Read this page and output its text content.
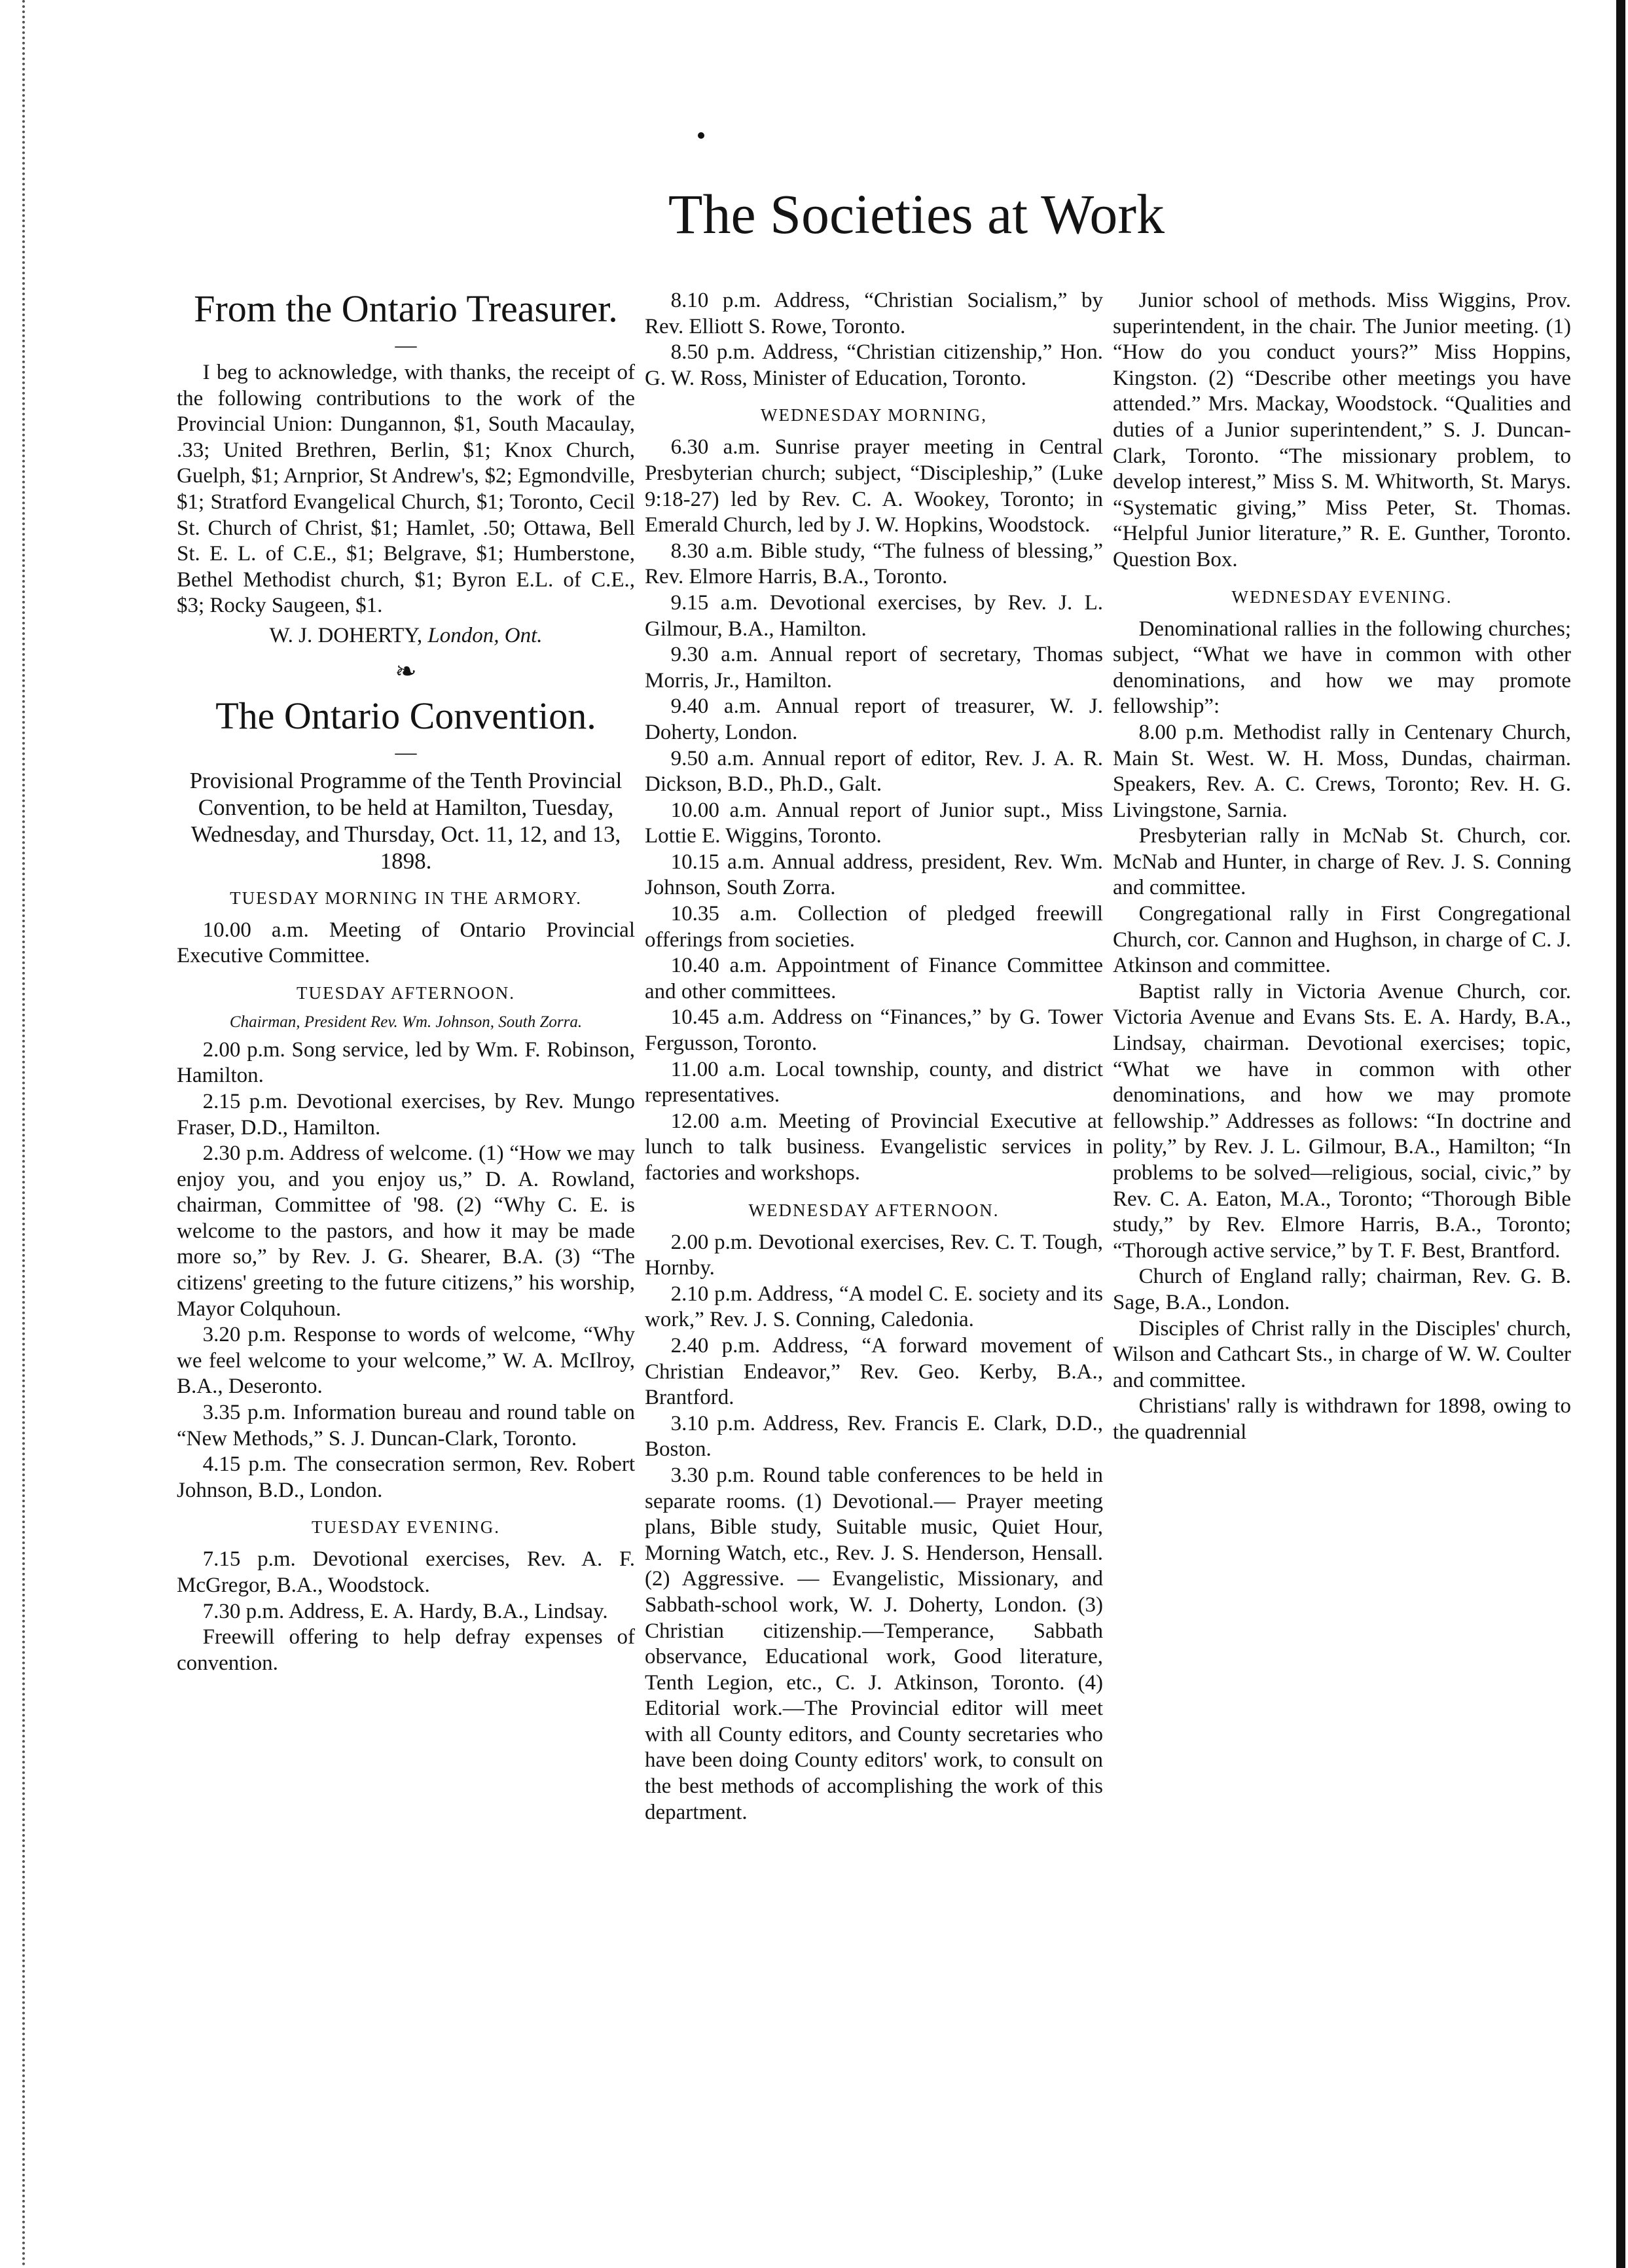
The Societies at Work
From the Ontario Treasurer.
—

I beg to acknowledge, with thanks, the receipt of the following contributions to the work of the Provincial Union: Dungannon, $1, South Macaulay, .33; United Brethren, Berlin, $1; Knox Church, Guelph, $1; Arnprior, St Andrew's, $2; Egmondville, $1; Stratford Evangelical Church, $1; Toronto, Cecil St. Church of Christ, $1; Hamlet, .50; Ottawa, Bell St. E. L. of C.E., $1; Belgrave, $1; Humberstone, Bethel Methodist church, $1; Byron E.L. of C.E., $3; Rocky Saugeen, $1.

W. J. DOHERTY, London, Ont.
❧
The Ontario Convention.
—
Provisional Programme of the Tenth Provincial Convention, to be held at Hamilton, Tuesday, Wednesday, and Thursday, Oct. 11, 12, and 13, 1898.
TUESDAY MORNING IN THE ARMORY.

10.00 a.m. Meeting of Ontario Provincial Executive Committee.

TUESDAY AFTERNOON.
Chairman, President Rev. Wm. Johnson, South Zorra.

2.00 p.m. Song service, led by Wm. F. Robinson, Hamilton.

2.15 p.m. Devotional exercises, by Rev. Mungo Fraser, D.D., Hamilton.

2.30 p.m. Address of welcome. (1) “How we may enjoy you, and you enjoy us,” D. A. Rowland, chairman, Committee of '98. (2) “Why C. E. is welcome to the pastors, and how it may be made more so,” by Rev. J. G. Shearer, B.A. (3) “The citizens' greeting to the future citizens,” his worship, Mayor Colquhoun.

3.20 p.m. Response to words of welcome, “Why we feel welcome to your welcome,” W. A. McIlroy, B.A., Deseronto.

3.35 p.m. Information bureau and round table on “New Methods,” S. J. Duncan-Clark, Toronto.

4.15 p.m. The consecration sermon, Rev. Robert Johnson, B.D., London.

TUESDAY EVENING.

7.15 p.m. Devotional exercises, Rev. A. F. McGregor, B.A., Woodstock.

7.30 p.m. Address, E. A. Hardy, B.A., Lindsay.

Freewill offering to help defray expenses of convention.

8.10 p.m. Address, “Christian Socialism,” by Rev. Elliott S. Rowe, Toronto.

8.50 p.m. Address, “Christian citizenship,” Hon. G. W. Ross, Minister of Education, Toronto.

WEDNESDAY MORNING,

6.30 a.m. Sunrise prayer meeting in Central Presbyterian church; subject, “Discipleship,” (Luke 9:18-27) led by Rev. C. A. Wookey, Toronto; in Emerald Church, led by J. W. Hopkins, Woodstock.

8.30 a.m. Bible study, “The fulness of blessing,” Rev. Elmore Harris, B.A., Toronto.

9.15 a.m. Devotional exercises, by Rev. J. L. Gilmour, B.A., Hamilton.

9.30 a.m. Annual report of secretary, Thomas Morris, Jr., Hamilton.

9.40 a.m. Annual report of treasurer, W. J. Doherty, London.

9.50 a.m. Annual report of editor, Rev. J. A. R. Dickson, B.D., Ph.D., Galt.

10.00 a.m. Annual report of Junior supt., Miss Lottie E. Wiggins, Toronto.

10.15 a.m. Annual address, president, Rev. Wm. Johnson, South Zorra.

10.35 a.m. Collection of pledged freewill offerings from societies.

10.40 a.m. Appointment of Finance Committee and other committees.

10.45 a.m. Address on “Finances,” by G. Tower Fergusson, Toronto.

11.00 a.m. Local township, county, and district representatives.

12.00 a.m. Meeting of Provincial Executive at lunch to talk business. Evangelistic services in factories and workshops.

WEDNESDAY AFTERNOON.

2.00 p.m. Devotional exercises, Rev. C. T. Tough, Hornby.

2.10 p.m. Address, “A model C. E. society and its work,” Rev. J. S. Conning, Caledonia.

2.40 p.m. Address, “A forward movement of Christian Endeavor,” Rev. Geo. Kerby, B.A., Brantford.

3.10 p.m. Address, Rev. Francis E. Clark, D.D., Boston.

3.30 p.m. Round table conferences to be held in separate rooms. (1) Devotional.— Prayer meeting plans, Bible study, Suitable music, Quiet Hour, Morning Watch, etc., Rev. J. S. Henderson, Hensall. (2) Aggressive. — Evangelistic, Missionary, and Sabbath-school work, W. J. Doherty, London. (3) Christian citizenship.—Temperance, Sabbath observance, Educational work, Good literature, Tenth Legion, etc., C. J. Atkinson, Toronto. (4) Editorial work.—The Provincial editor will meet with all County editors, and County secretaries who have been doing County editors' work, to consult on the best methods of accomplishing the work of this department.

Junior school of methods. Miss Wiggins, Prov. superintendent, in the chair. The Junior meeting. (1) “How do you conduct yours?” Miss Hoppins, Kingston. (2) “Describe other meetings you have attended.” Mrs. Mackay, Woodstock. “Qualities and duties of a Junior superintendent,” S. J. Duncan-Clark, Toronto. “The missionary problem, to develop interest,” Miss S. M. Whitworth, St. Marys. “Systematic giving,” Miss Peter, St. Thomas. “Helpful Junior literature,” R. E. Gunther, Toronto. Question Box.

WEDNESDAY EVENING.

Denominational rallies in the following churches; subject, “What we have in common with other denominations, and how we may promote fellowship”:

8.00 p.m. Methodist rally in Centenary Church, Main St. West. W. H. Moss, Dundas, chairman. Speakers, Rev. A. C. Crews, Toronto; Rev. H. G. Livingstone, Sarnia.

Presbyterian rally in McNab St. Church, cor. McNab and Hunter, in charge of Rev. J. S. Conning and committee.

Congregational rally in First Congregational Church, cor. Cannon and Hughson, in charge of C. J. Atkinson and committee.

Baptist rally in Victoria Avenue Church, cor. Victoria Avenue and Evans Sts. E. A. Hardy, B.A., Lindsay, chairman. Devotional exercises; topic, “What we have in common with other denominations, and how we may promote fellowship.” Addresses as follows: “In doctrine and polity,” by Rev. J. L. Gilmour, B.A., Hamilton; “In problems to be solved—religious, social, civic,” by Rev. C. A. Eaton, M.A., Toronto; “Thorough Bible study,” by Rev. Elmore Harris, B.A., Toronto; “Thorough active service,” by T. F. Best, Brantford.

Church of England rally; chairman, Rev. G. B. Sage, B.A., London.

Disciples of Christ rally in the Disciples' church, Wilson and Cathcart Sts., in charge of W. W. Coulter and committee.

Christians' rally is withdrawn for 1898, owing to the quadrennial
